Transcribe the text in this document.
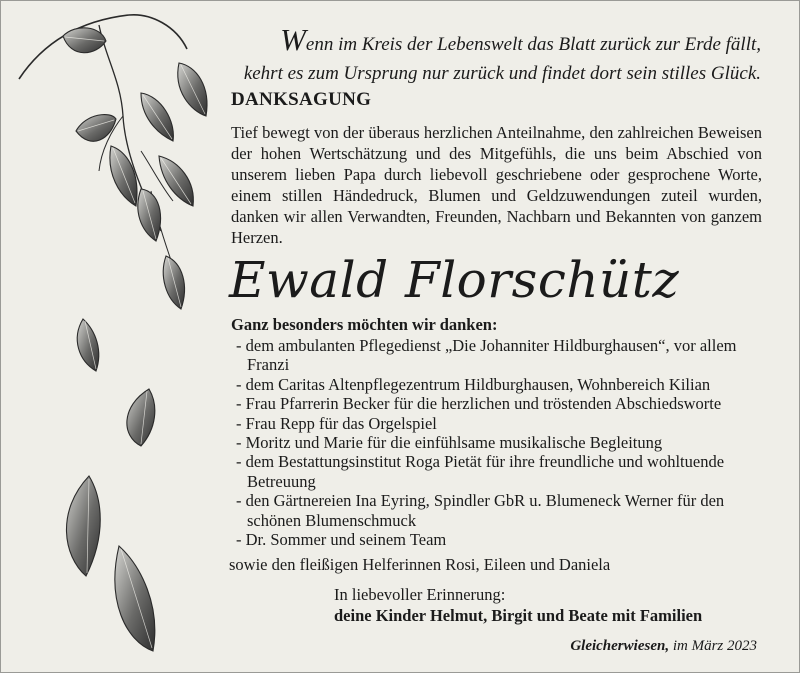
Wenn im Kreis der Lebenswelt das Blatt zurück zur Erde fällt,
kehrt es zum Ursprung nur zurück und findet dort sein stilles Glück.
DANKSAGUNG

Tief bewegt von der überaus herzlichen Anteilnahme, den zahlreichen Beweisen der hohen Wertschätzung und des Mitgefühls, die uns beim Abschied von unserem lieben Papa durch liebevoll geschriebene oder gesprochene Worte, einem stillen Händedruck, Blumen und Geldzuwendungen zuteil wurden, danken wir allen Verwandten, Freunden, Nachbarn und Bekannten von ganzem Herzen.

Ewald Florschütz
Ganz besonders möchten wir danken:
- dem ambulanten Pflegedienst „Die Johanniter Hildburghausen“, vor allem Franzi
- dem Caritas Altenpflegezentrum Hildburghausen, Wohnbereich Kilian
- Frau Pfarrerin Becker für die herzlichen und tröstenden Abschiedsworte
- Frau Repp für das Orgelspiel
- Moritz und Marie für die einfühlsame musikalische Begleitung
- dem Bestattungsinstitut Roga Pietät für ihre freundliche und wohltuende Betreuung
- den Gärtnereien Ina Eyring, Spindler GbR u. Blumeneck Werner für den schönen Blumenschmuck
- Dr. Sommer und seinem Team
sowie den fleißigen Helferinnen Rosi, Eileen und Daniela
In liebevoller Erinnerung:
deine Kinder Helmut, Birgit und Beate mit Familien
Gleicherwiesen, im März 2023
